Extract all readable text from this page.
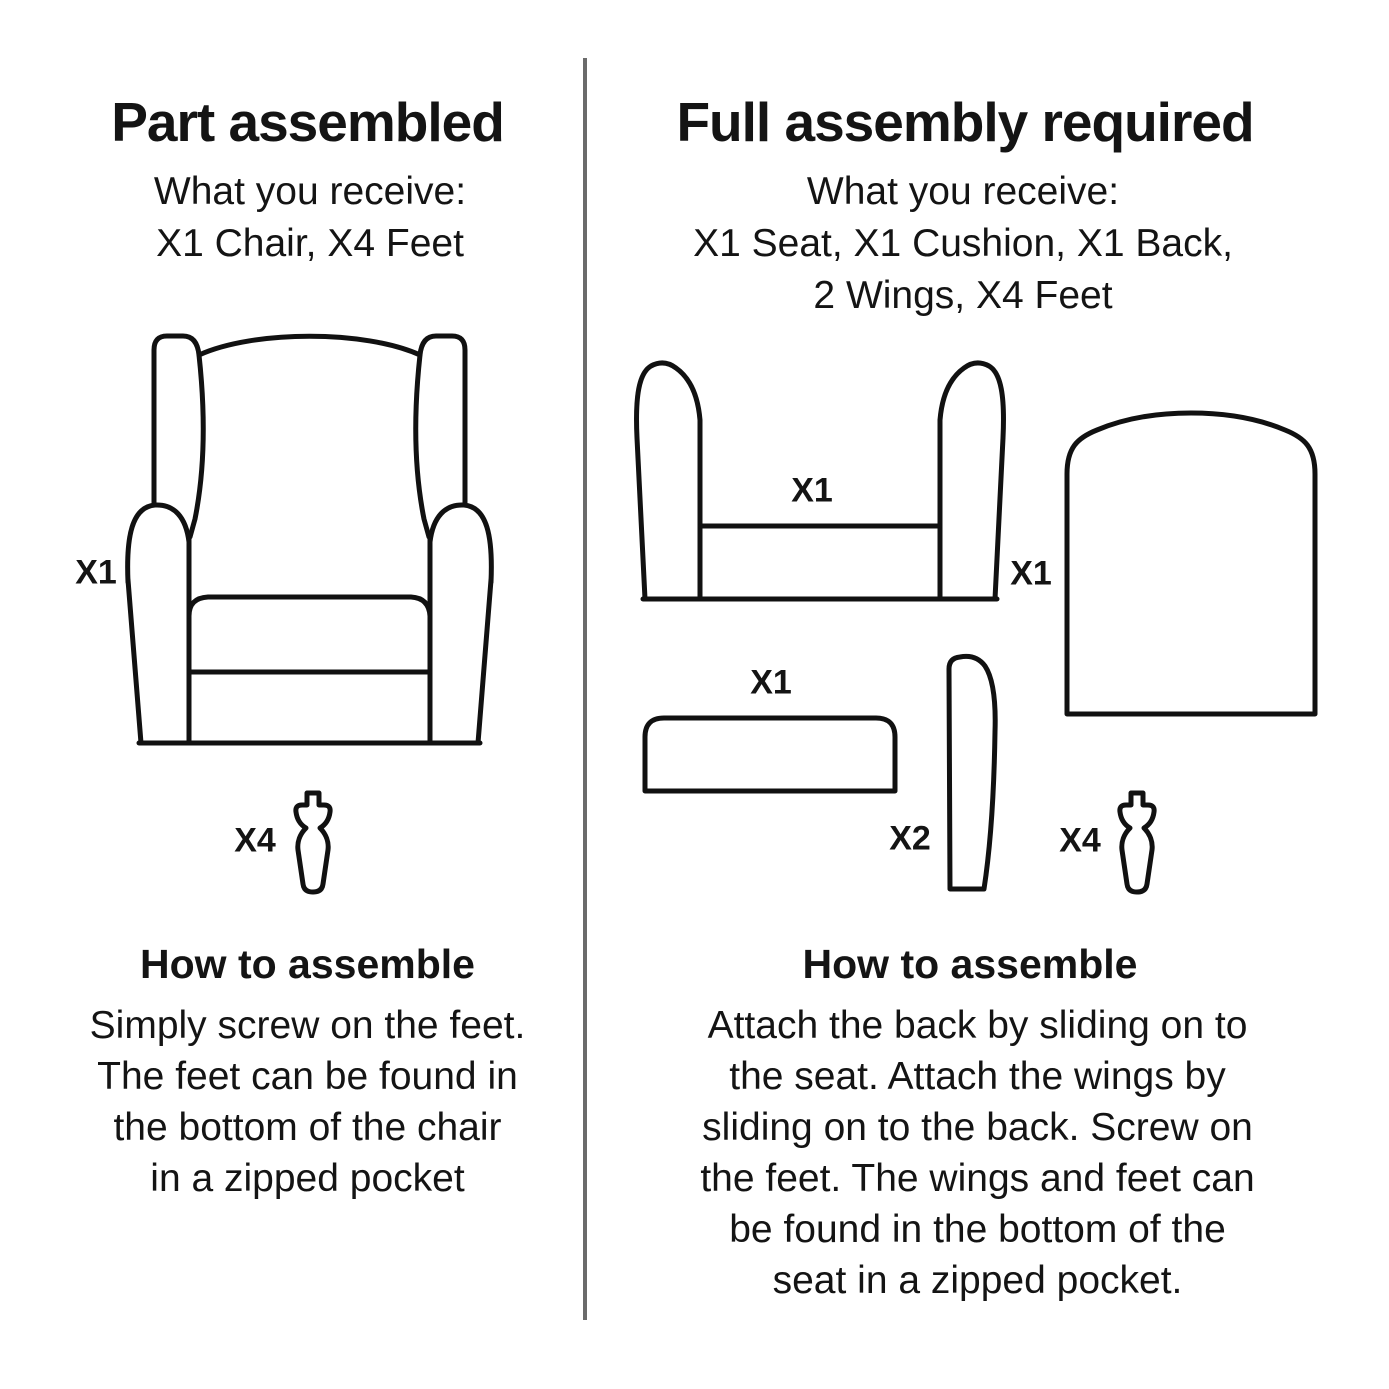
Part assembled
What you receive:
X1 Chair, X4 Feet
X1
X4
How to assemble
Simply screw on the feet.
The feet can be found in
the bottom of the chair
in a zipped pocket
Full assembly required
What you receive:
X1 Seat, X1 Cushion, X1 Back,
2 Wings, X4 Feet
X1
X1
X1
X2	X4
How to assemble
Attach the back by sliding on to
the seat. Attach the wings by
sliding on to the back. Screw on
the feet. The wings and feet can
be found in the bottom of the
seat in a zipped pocket.
